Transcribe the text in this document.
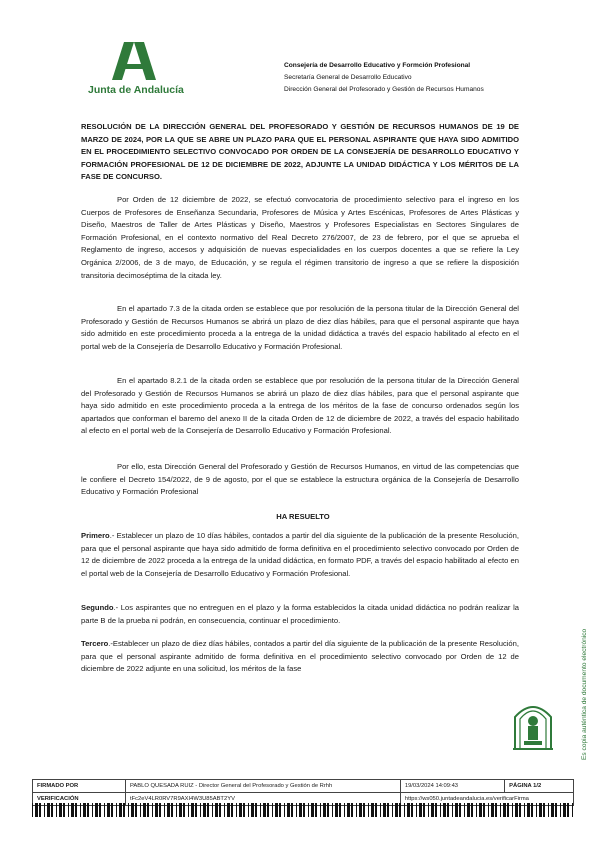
Junta de Andalucía
Consejería de Desarrollo Educativo y Formción Profesional
Secretaría General de Desarrollo Educativo
Dirección General del Profesorado y Gestión de Recursos Humanos
RESOLUCIÓN DE LA DIRECCIÓN GENERAL DEL PROFESORADO Y GESTIÓN DE RECURSOS HUMANOS DE 19 DE MARZO DE 2024, POR LA QUE SE ABRE UN PLAZO PARA QUE EL PERSONAL ASPIRANTE QUE HAYA SIDO ADMITIDO EN EL PROCEDIMIENTO SELECTIVO CONVOCADO POR ORDEN DE LA CONSEJERÍA DE DESARROLLO EDUCATIVO Y FORMACIÓN PROFESIONAL DE 12 DE DICIEMBRE DE 2022, ADJUNTE LA UNIDAD DIDÁCTICA Y LOS MÉRITOS DE LA FASE DE CONCURSO.
Por Orden de 12 diciembre de 2022, se efectuó convocatoria de procedimiento selectivo para el ingreso en los Cuerpos de Profesores de Enseñanza Secundaria, Profesores de Música y Artes Escénicas, Profesores de Artes Plásticas y Diseño, Maestros de Taller de Artes Plásticas y Diseño, Maestros y Profesores Especialistas en Sectores Singulares de Formación Profesional, en el contexto normativo del Real Decreto 276/2007, de 23 de febrero, por el que se aprueba el Reglamento de ingreso, accesos y adquisición de nuevas especialidades en los cuerpos docentes a que se refiere la Ley Orgánica 2/2006, de 3 de mayo, de Educación, y se regula el régimen transitorio de ingreso a que se refiere la disposición transitoria decimoséptima de la citada ley.
En el apartado 7.3 de la citada orden se establece que por resolución de la persona titular de la Dirección General del Profesorado y Gestión de Recursos Humanos se abrirá un plazo de diez días hábiles, para que el personal aspirante que haya sido admitido en este procedimiento proceda a la entrega de la unidad didáctica a través del espacio habilitado al efecto en el portal web de la Consejería de Desarrollo Educativo y Formación Profesional.
En el apartado 8.2.1 de la citada orden se establece que por resolución de la persona titular de la Dirección General del Profesorado y Gestión de Recursos Humanos se abrirá un plazo de diez días hábiles, para que el personal aspirante que haya sido admitido en este procedimiento proceda a la entrega de los méritos de la fase de concurso ordenados según los apartados que conforman el baremo del anexo II de la citada Orden de 12 de diciembre de 2022, a través del espacio habilitado al efecto en el portal web de la Consejería de Desarrollo Educativo y Formación Profesional.
Por ello, esta Dirección General del Profesorado y Gestión de Recursos Humanos, en virtud de las competencias que le confiere el Decreto 154/2022, de 9 de agosto, por el que se establece la estructura orgánica de la Consejería de Desarrollo Educativo y Formación Profesional
HA RESUELTO
Primero.- Establecer un plazo de 10 días hábiles, contados a partir del día siguiente de la publicación de la presente Resolución, para que el personal aspirante que haya sido admitido de forma definitiva en el procedimiento selectivo convocado por Orden de 12 de diciembre de 2022 proceda a la entrega de la unidad didáctica, en formato PDF, a través del espacio habilitado al efecto en el portal web de la Consejería de Desarrollo Educativo y Formación Profesional.
Segundo.- Los aspirantes que no entreguen en el plazo y la forma establecidos la citada unidad didáctica no podrán realizar la parte B de la prueba ni podrán, en consecuencia, continuar el procedimiento.
Tercero.-Establecer un plazo de diez días hábiles, contados a partir del día siguiente de la publicación de la presente Resolución, para que el personal aspirante admitido de forma definitiva en el procedimiento selectivo convocado por Orden de 12 de diciembre de 2022 adjunte en una solicitud, los méritos de la fase	Es copia auténtica de documento electrónico
FIRMADO POR	PABLO QUESADA RUIZ - Director General del Profesorado y Gestión de Rrhh	19/03/2024 14:09:43	PÁGINA 1/2
VERIFICACIÓN	tFc2eV4LR0RV7R9AXI4W3U85ABT2YV	https://ws050.juntadeandalucia.es/verificarFirma	
